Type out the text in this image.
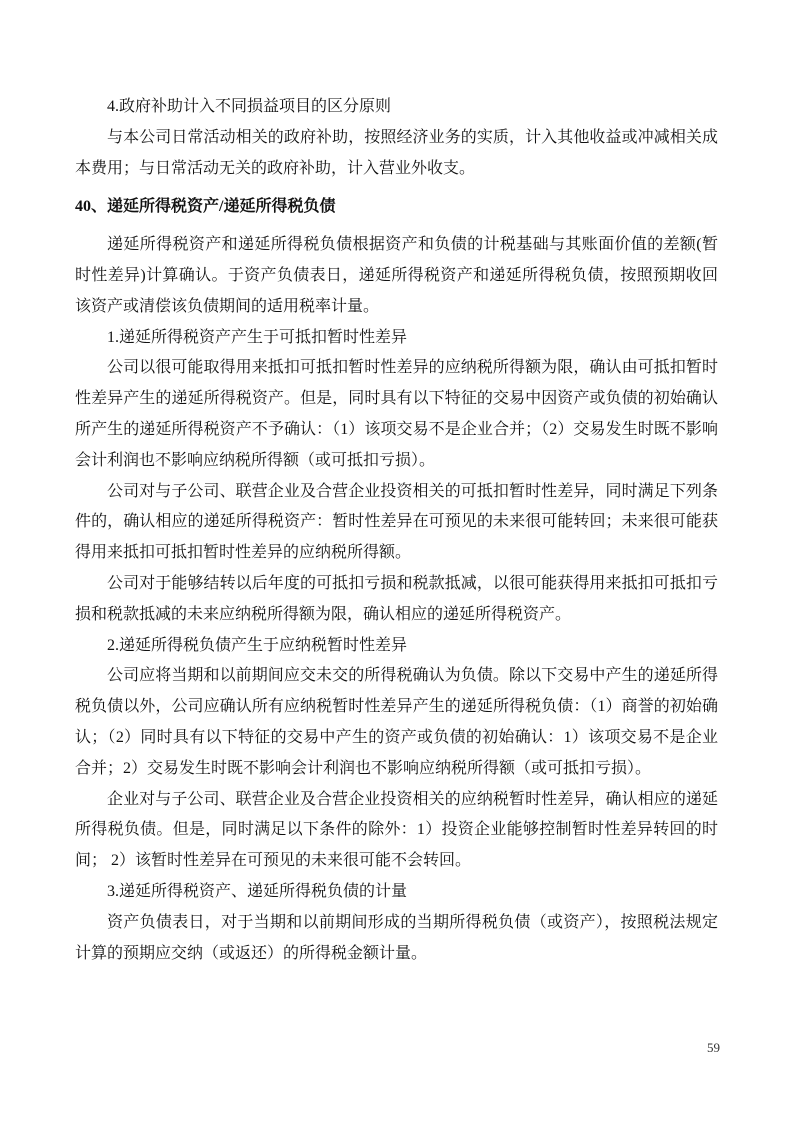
4.政府补助计入不同损益项目的区分原则

与本公司日常活动相关的政府补助，按照经济业务的实质，计入其他收益或冲减相关成本费用；与日常活动无关的政府补助，计入营业外收支。

40、递延所得税资产/递延所得税负债

递延所得税资产和递延所得税负债根据资产和负债的计税基础与其账面价值的差额(暂时性差异)计算确认。于资产负债表日，递延所得税资产和递延所得税负债，按照预期收回该资产或清偿该负债期间的适用税率计量。

1.递延所得税资产产生于可抵扣暂时性差异

公司以很可能取得用来抵扣可抵扣暂时性差异的应纳税所得额为限，确认由可抵扣暂时性差异产生的递延所得税资产。但是，同时具有以下特征的交易中因资产或负债的初始确认所产生的递延所得税资产不予确认：（1）该项交易不是企业合并；（2）交易发生时既不影响会计利润也不影响应纳税所得额（或可抵扣亏损）。

公司对与子公司、联营企业及合营企业投资相关的可抵扣暂时性差异，同时满足下列条件的，确认相应的递延所得税资产：暂时性差异在可预见的未来很可能转回；未来很可能获得用来抵扣可抵扣暂时性差异的应纳税所得额。

公司对于能够结转以后年度的可抵扣亏损和税款抵减，以很可能获得用来抵扣可抵扣亏损和税款抵减的未来应纳税所得额为限，确认相应的递延所得税资产。

2.递延所得税负债产生于应纳税暂时性差异

公司应将当期和以前期间应交未交的所得税确认为负债。除以下交易中产生的递延所得税负债以外，公司应确认所有应纳税暂时性差异产生的递延所得税负债：（1）商誉的初始确认；（2）同时具有以下特征的交易中产生的资产或负债的初始确认：1）该项交易不是企业合并；2）交易发生时既不影响会计利润也不影响应纳税所得额（或可抵扣亏损）。

企业对与子公司、联营企业及合营企业投资相关的应纳税暂时性差异，确认相应的递延所得税负债。但是，同时满足以下条件的除外：1）投资企业能够控制暂时性差异转回的时间； 2）该暂时性差异在可预见的未来很可能不会转回。

3.递延所得税资产、递延所得税负债的计量

资产负债表日，对于当期和以前期间形成的当期所得税负债（或资产），按照税法规定计算的预期应交纳（或返还）的所得税金额计量。

59
